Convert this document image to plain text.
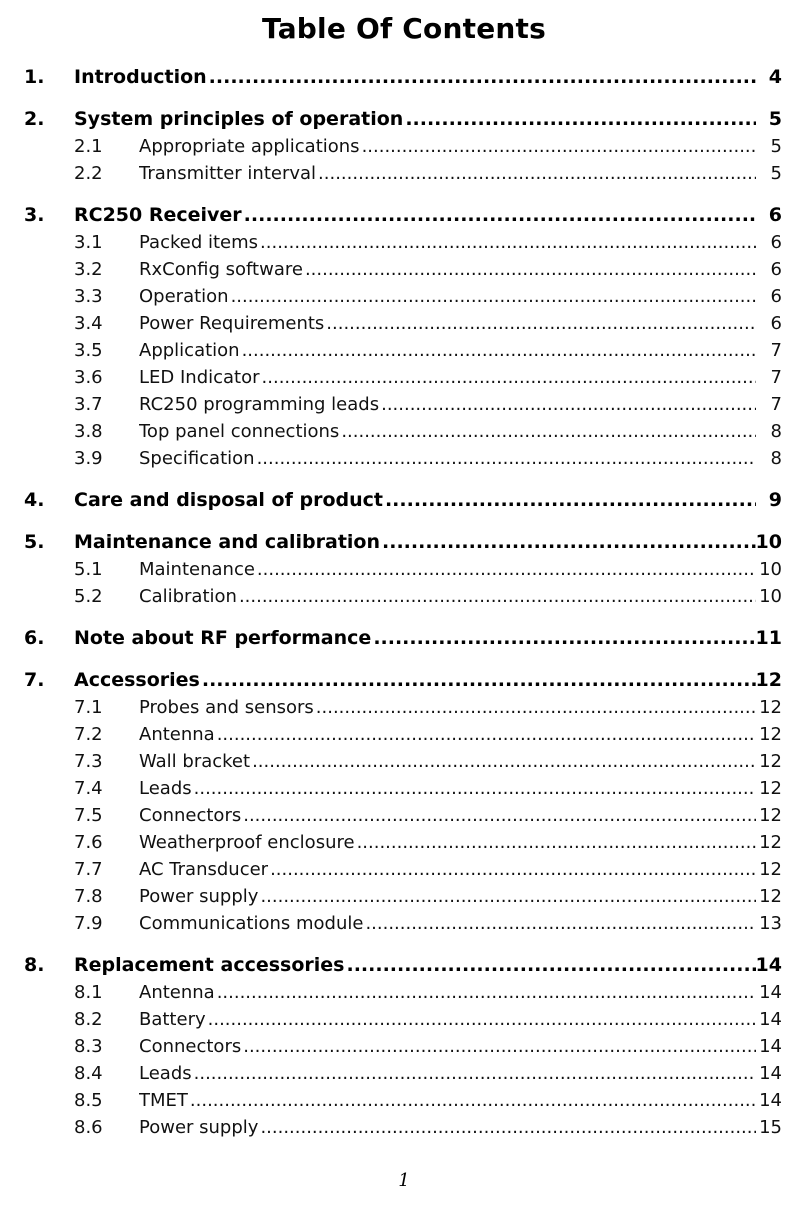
Table Of Contents
1. Introduction .....	4
2. System principles of operation .....	5
2.1 Appropriate applications .....	5
2.2 Transmitter interval .....	5
3. RC250 Receiver .....	6
3.1 Packed items .....	6
3.2 RxConfig software .....	6
3.3 Operation .....	6
3.4 Power Requirements .....	6
3.5 Application .....	7
3.6 LED Indicator .....	7
3.7 RC250 programming leads .....	7
3.8 Top panel connections .....	8
3.9 Specification .....	8
4. Care and disposal of product .....	9
5. Maintenance and calibration .....	10
5.1 Maintenance .....	10
5.2 Calibration .....	10
6. Note about RF performance .....	11
7. Accessories .....	12
7.1 Probes and sensors .....	12
7.2 Antenna .....	12
7.3 Wall bracket .....	12
7.4 Leads .....	12
7.5 Connectors .....	12
7.6 Weatherproof enclosure .....	12
7.7 AC Transducer .....	12
7.8 Power supply .....	12
7.9 Communications module .....	13
8. Replacement accessories .....	14
8.1 Antenna .....	14
8.2 Battery .....	14
8.3 Connectors .....	14
8.4 Leads .....	14
8.5 TMET .....	14
8.6 Power supply .....	15
1
